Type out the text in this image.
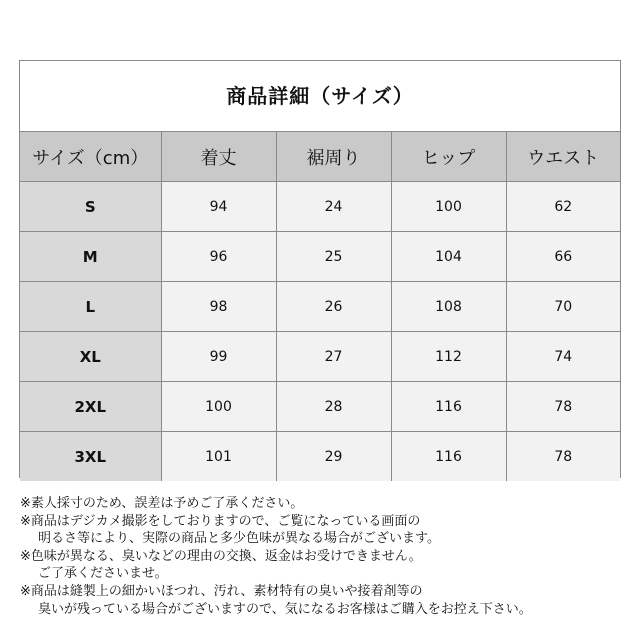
商品詳細（サイズ）
サイズ（cm）	着丈	裾周り	ヒップ	ウエスト
S	94	24	100	62
M	96	25	104	66
L	98	26	108	70
XL	99	27	112	74
2XL	100	28	116	78
3XL	101	29	116	78
※素人採寸のため、誤差は予めご了承ください。
※商品はデジカメ撮影をしておりますので、ご覧になっている画面の
明るさ等により、実際の商品と多少色味が異なる場合がございます。
※色味が異なる、臭いなどの理由の交換、返金はお受けできません。
ご了承くださいませ。
※商品は縫製上の細かいほつれ、汚れ、素材特有の臭いや接着剤等の
臭いが残っている場合がございますので、気になるお客様はご購入をお控え下さい。
